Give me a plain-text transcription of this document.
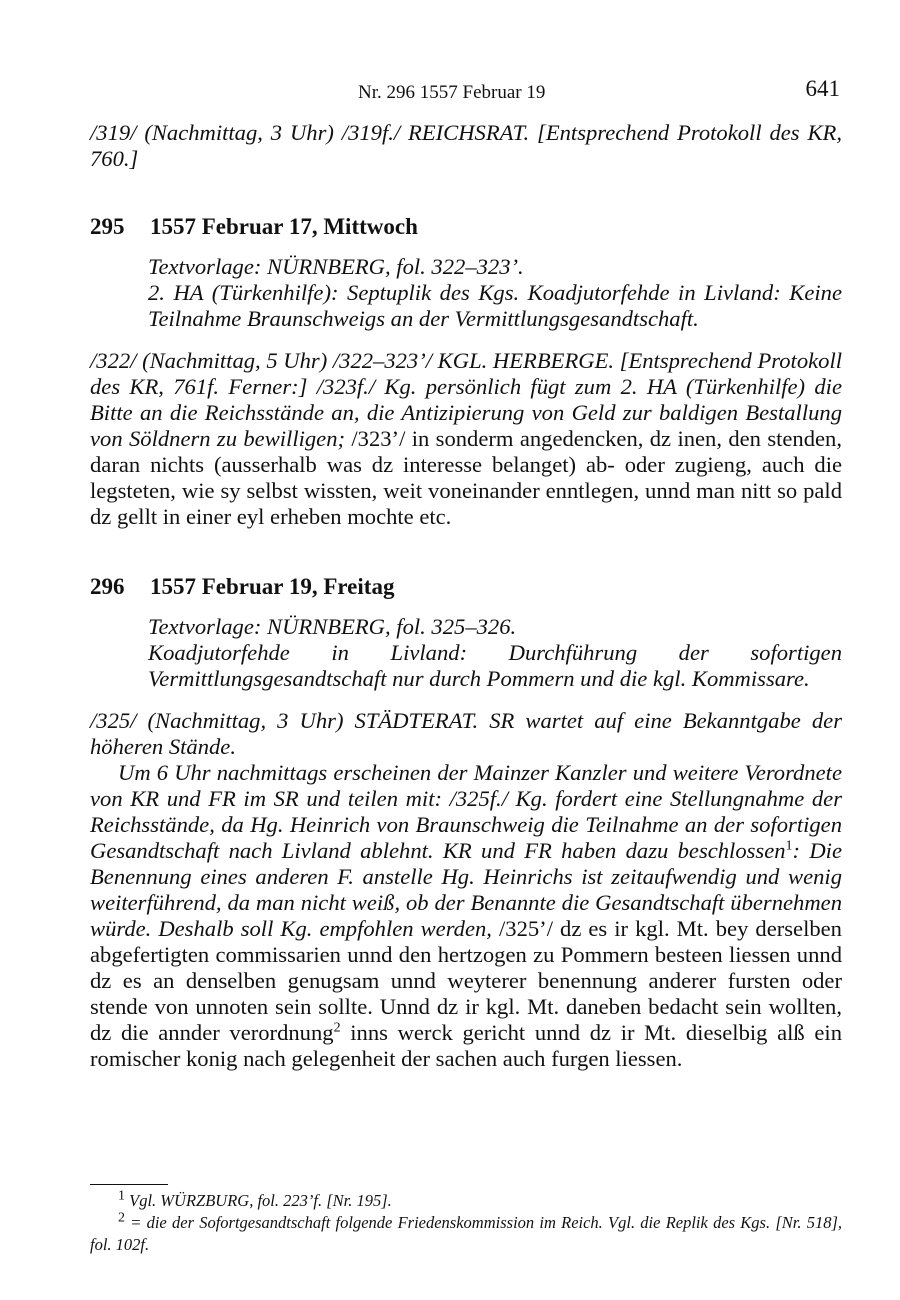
Nr. 296 1557 Februar 19	641

/319/ (Nachmittag, 3 Uhr) /319f./ REICHSRAT. [Entsprechend Protokoll des KR, 760.]

295 1557 Februar 17, Mittwoch

Textvorlage: NÜRNBERG, fol. 322–323’.

2. HA (Türkenhilfe): Septuplik des Kgs. Koadjutorfehde in Livland: Keine Teilnahme Braunschweigs an der Vermittlungsgesandtschaft.

/322/ (Nachmittag, 5 Uhr) /322–323’/ KGL. HERBERGE. [Entsprechend Protokoll des KR, 761f. Ferner:] /323f./ Kg. persönlich fügt zum 2. HA (Türkenhilfe) die Bitte an die Reichsstände an, die Antizipierung von Geld zur baldigen Bestallung von Söldnern zu bewilligen; /323’/ in sonderm angedencken, dz inen, den stenden, daran nichts (ausserhalb was dz interesse belanget) ab- oder zugieng, auch die legsteten, wie sy selbst wissten, weit voneinander enntlegen, unnd man nitt so pald dz gellt in einer eyl erheben mochte etc.

296 1557 Februar 19, Freitag

Textvorlage: NÜRNBERG, fol. 325–326.

Koadjutorfehde in Livland: Durchführung der sofortigen Vermittlungsgesandtschaft nur durch Pommern und die kgl. Kommissare.

/325/ (Nachmittag, 3 Uhr) STÄDTERAT. SR wartet auf eine Bekanntgabe der höheren Stände.

Um 6 Uhr nachmittags erscheinen der Mainzer Kanzler und weitere Verordnete von KR und FR im SR und teilen mit: /325f./ Kg. fordert eine Stellungnahme der Reichsstände, da Hg. Heinrich von Braunschweig die Teilnahme an der sofortigen Gesandtschaft nach Livland ablehnt. KR und FR haben dazu beschlossen$^1$: Die Benennung eines anderen F. anstelle Hg. Heinrichs ist zeitaufwendig und wenig weiterführend, da man nicht weiß, ob der Benannte die Gesandtschaft übernehmen würde. Deshalb soll Kg. empfohlen werden, /325’/ dz es ir kgl. Mt. bey derselben abgefertigten commissarien unnd den hertzogen zu Pommern besteen liessen unnd dz es an denselben genugsam unnd weyterer benennung anderer fursten oder stende von unnoten sein sollte. Unnd dz ir kgl. Mt. daneben bedacht sein wollten, dz die annder verordnung$^2$ inns werck gericht unnd dz ir Mt. dieselbig alß ein romischer konig nach gelegenheit der sachen auch furgen liessen.

$^1$ Vgl. WÜRZBURG, fol. 223’f. [Nr. 195].

$^2$ = die der Sofortgesandtschaft folgende Friedenskommission im Reich. Vgl. die Replik des Kgs. [Nr. 518], fol. 102f.
